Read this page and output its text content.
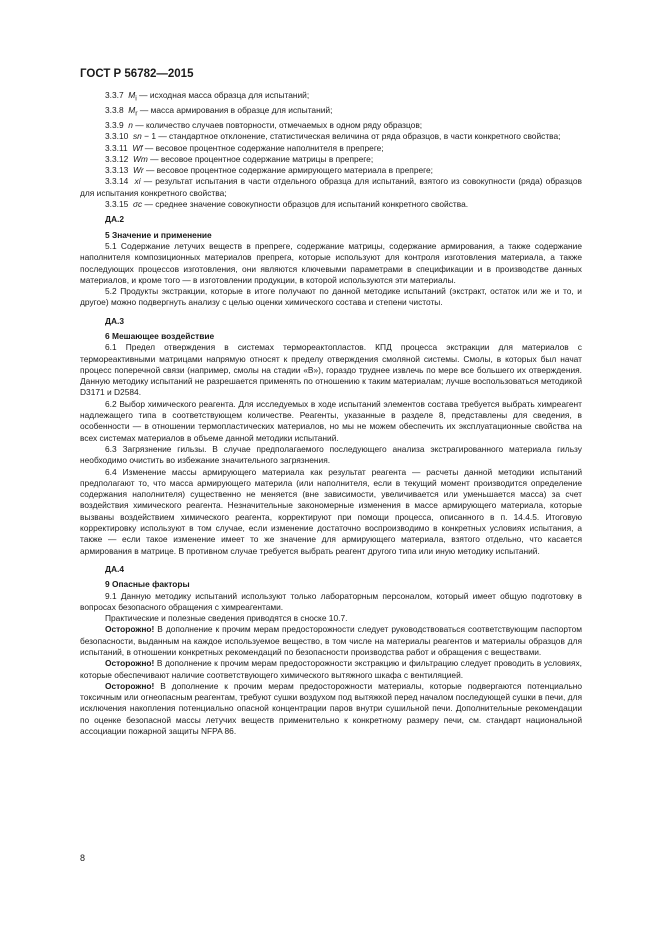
ГОСТ Р 56782—2015

3.3.7 $M_i$ — исходная масса образца для испытаний;

3.3.8 $M_r$ — масса армирования в образце для испытаний;

3.3.9 n — количество случаев повторности, отмечаемых в одном ряду образцов;

3.3.10 sn − 1 — стандартное отклонение, статистическая величина от ряда образцов, в части конкретного свойства;

3.3.11 Wf — весовое процентное содержание наполнителя в препреге;

3.3.12 Wm — весовое процентное содержание матрицы в препреге;

3.3.13 Wr — весовое процентное содержание армирующего материала в препреге;

3.3.14 xi — результат испытания в части отдельного образца для испытаний, взятого из совокупности (ряда) образцов для испытания конкретного свойства;

3.3.15 σc — среднее значение совокупности образцов для испытаний конкретного свойства.

ДА.2

5 Значение и применение

5.1 Содержание летучих веществ в препреге, содержание матрицы, содержание армирования, а также содержание наполнителя композиционных материалов препрега, которые используют для контроля изготовления материала, а также последующих процессов изготовления, они являются ключевыми параметрами в спецификации и в производстве данных материалов, и кроме того — в изготовлении продукции, в которой используются эти материалы.

5.2 Продукты экстракции, которые в итоге получают по данной методике испытаний (экстракт, остаток или же и то, и другое) можно подвергнуть анализу с целью оценки химического состава и степени чистоты.

ДА.3

6 Мешающее воздействие

6.1 Предел отверждения в системах термореактопластов. КПД процесса экстракции для материалов с термореактивными матрицами напрямую относят к пределу отверждения смоляной системы. Смолы, в которых был начат процесс поперечной связи (например, смолы на стадии «B»), гораздо труднее извлечь по мере все большего их отверждения. Данную методику испытаний не разрешается применять по отношению к таким материалам; лучше воспользоваться методикой D3171 и D2584.

6.2 Выбор химического реагента. Для исследуемых в ходе испытаний элементов состава требуется выбрать химреагент надлежащего типа в соответствующем количестве. Реагенты, указанные в разделе 8, представлены для сведения, в особенности — в отношении термопластических материалов, но мы не можем обеспечить их эксплуатационные свойства на всех системах материалов в объеме данной методики испытаний.

6.3 Загрязнение гильзы. В случае предполагаемого последующего анализа экстрагированного материала гильзу необходимо очистить во избежание значительного загрязнения.

6.4 Изменение массы армирующего материала как результат реагента — расчеты данной методики испытаний предполагают то, что масса армирующего материла (или наполнителя, если в текущий момент производится определение содержания наполнителя) существенно не меняется (вне зависимости, увеличивается или уменьшается масса) за счет воздействия химического реагента. Незначительные закономерные изменения в массе армирующего материала, которые вызваны воздействием химического реагента, корректируют при помощи процесса, описанного в п. 14.4.5. Итоговую корректировку используют в том случае, если изменение достаточно воспроизводимо в конкретных условиях испытания, а также — если такое изменение имеет то же значение для армирующего материала, взятого отдельно, что касается армирования в матрице. В противном случае требуется выбрать реагент другого типа или иную методику испытаний.

ДА.4

9 Опасные факторы

9.1 Данную методику испытаний используют только лабораторным персоналом, который имеет общую подготовку в вопросах безопасного обращения с химреагентами.

Практические и полезные сведения приводятся в сноске 10.7.

Осторожно! В дополнение к прочим мерам предосторожности следует руководствоваться соответствующим паспортом безопасности, выданным на каждое используемое вещество, в том числе на материалы реагентов и материалы образцов для испытаний, в отношении конкретных рекомендаций по безопасности производства работ и обращения с веществами.

Осторожно! В дополнение к прочим мерам предосторожности экстракцию и фильтрацию следует проводить в условиях, которые обеспечивают наличие соответствующего химического вытяжного шкафа с вентиляцией.

Осторожно! В дополнение к прочим мерам предосторожности материалы, которые подвергаются потенциально токсичным или огнеопасным реагентам, требуют сушки воздухом под вытяжкой перед началом последующей сушки в печи, для исключения накопления потенциально опасной концентрации паров внутри сушильной печи. Дополнительные рекомендации по оценке безопасной массы летучих веществ применительно к конкретному размеру печи, см. стандарт национальной ассоциации пожарной защиты NFPA 86.

8
